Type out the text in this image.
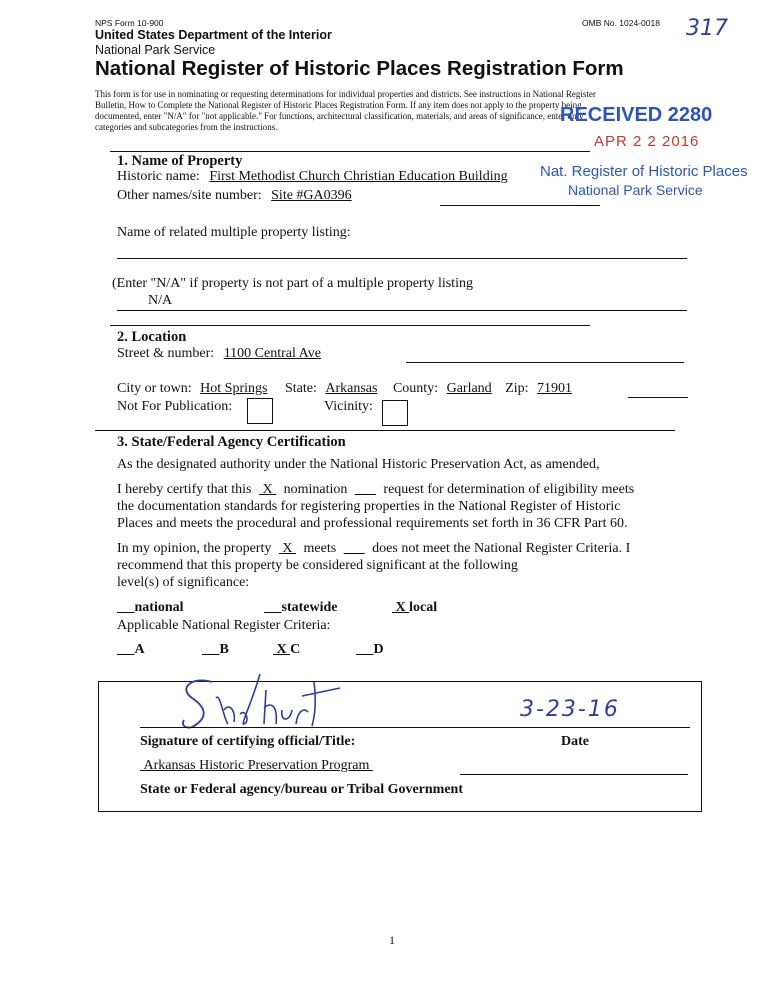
NPS Form 10-900	OMB No. 1024-0018 317
United States Department of the Interior
National Park Service
National Register of Historic Places Registration Form
This form is for use in nominating or requesting determinations for individual properties and districts. See instructions in National Register
Bulletin, How to Complete the National Register of Historic Places Registration Form. If any item does not apply to the property being
documented, enter "N/A" for "not applicable." For functions, architectural classification, materials, and areas of significance, enter only
categories and subcategories from the instructions.
RECEIVED 2280
APR 2 2 2016
Nat. Register of Historic Places
National Park Service
1. Name of Property
Historic name: First Methodist Church Christian Education Building
Other names/site number: Site #GA0396
Name of related multiple property listing:
(Enter "N/A" if property is not part of a multiple property listing
N/A
2. Location
Street & number: 1100 Central Ave
City or town: Hot Springs State: Arkansas County: Garland Zip: 71901
Not For Publication:	Vicinity:
3. State/Federal Agency Certification
As the designated authority under the National Historic Preservation Act, as amended,
I hereby certify that this X nomination	request for determination of eligibility meets
the documentation standards for registering properties in the National Register of Historic
Places and meets the procedural and professional requirements set forth in 36 CFR Part 60.
In my opinion, the property X meets	does not meet the National Register Criteria. I
recommend that this property be considered significant at the following
level(s) of significance:
national	statewide	X local
Applicable National Register Criteria:
A	B	X C	D
3-23-16
Signature of certifying official/Title:	Date
Arkansas Historic Preservation Program
State or Federal agency/bureau or Tribal Government
1
